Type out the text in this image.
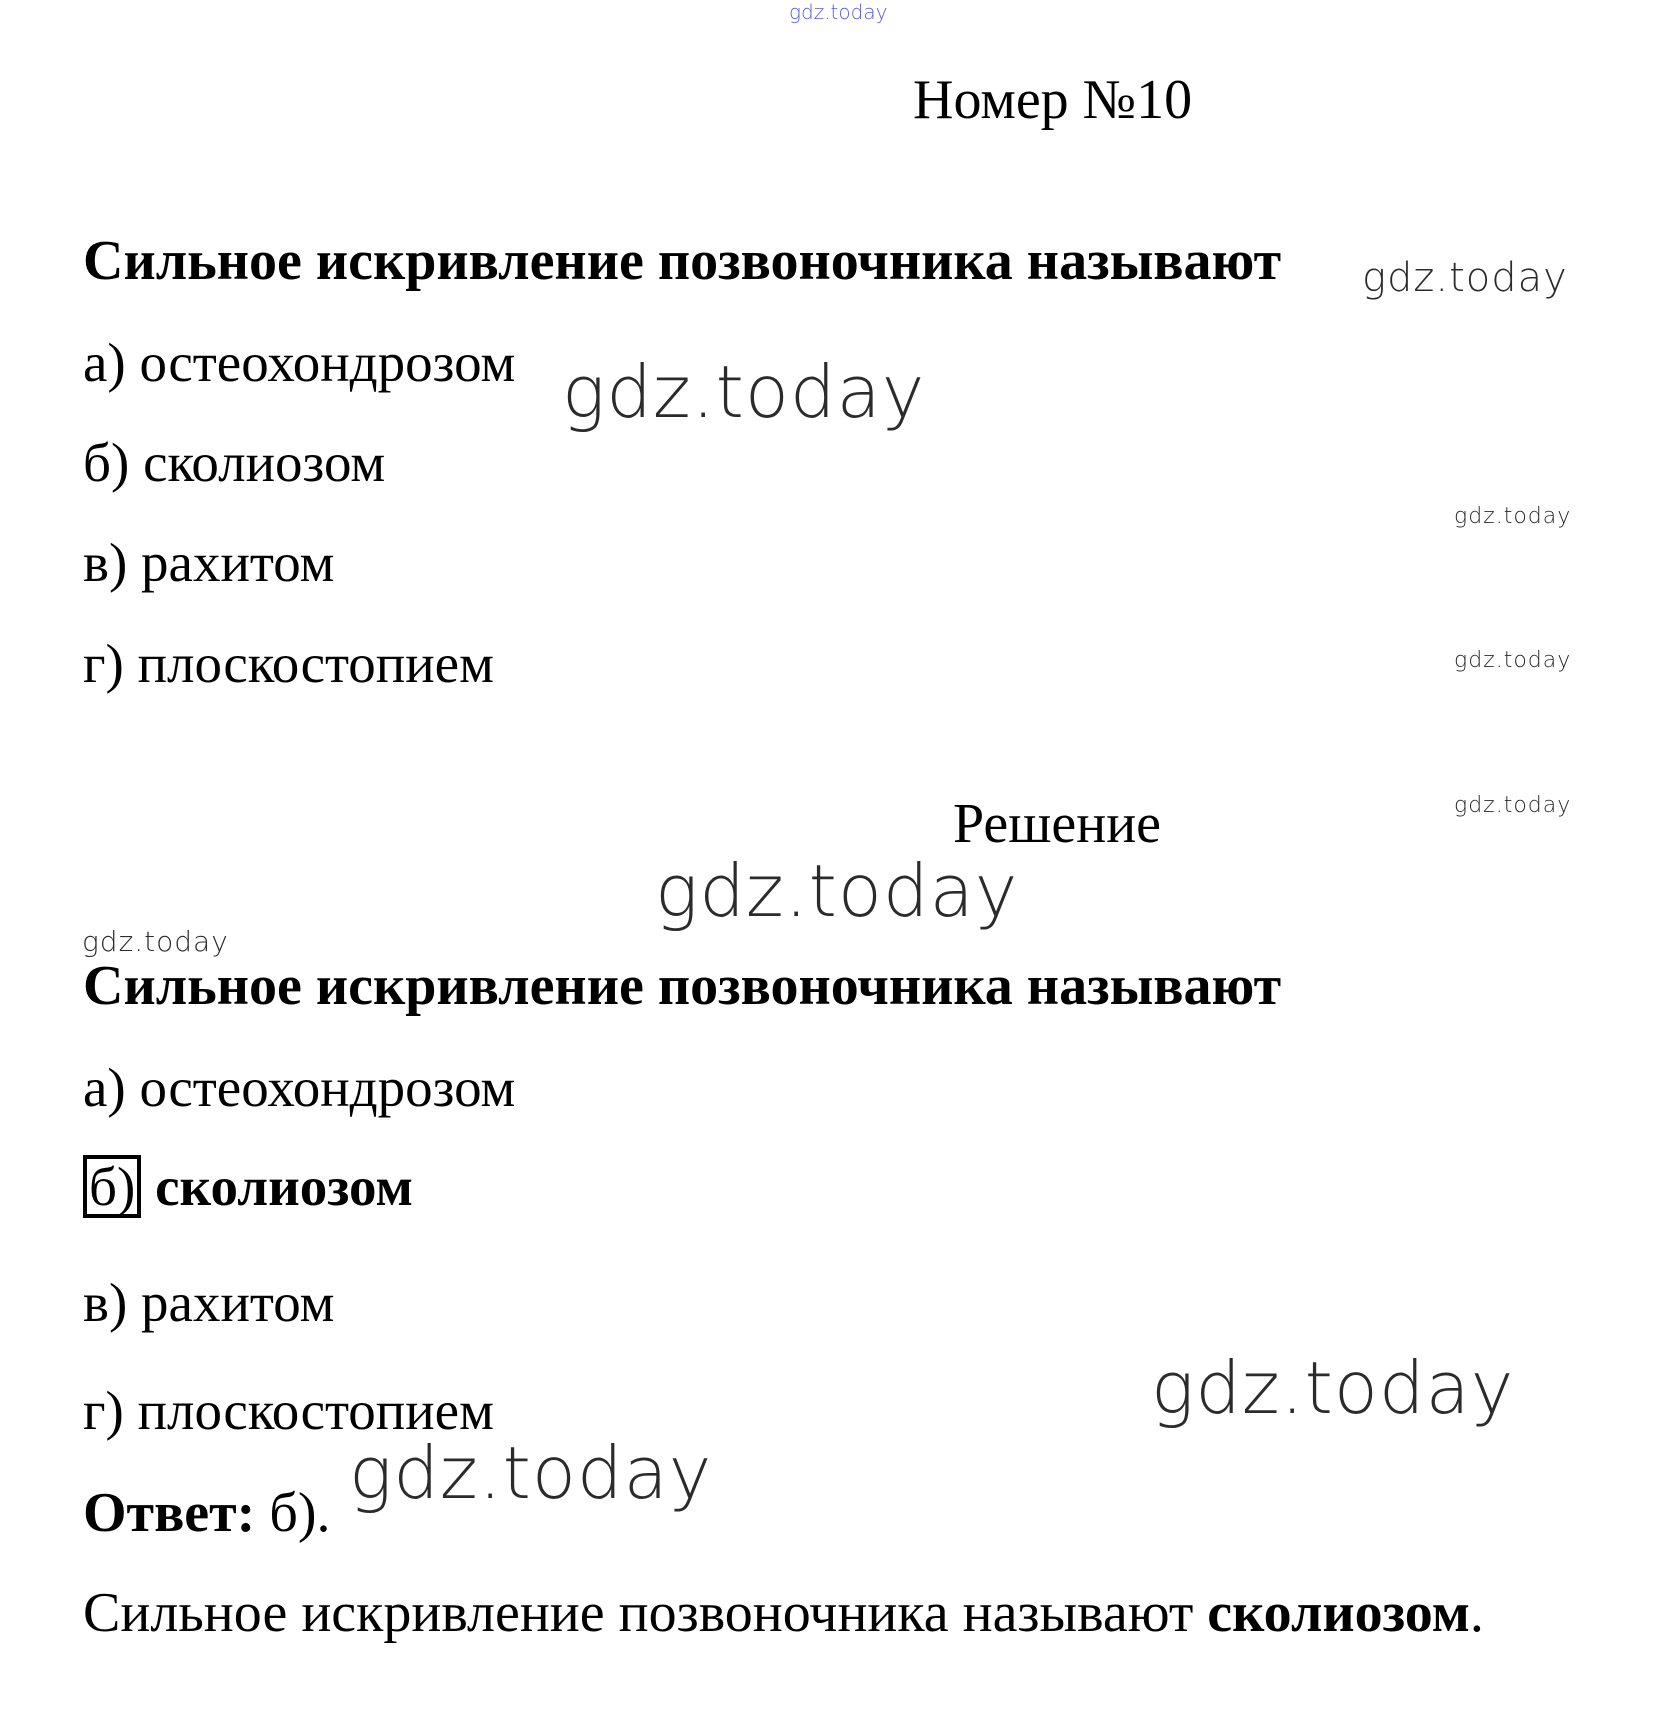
gdz.today
gdz.today
gdz.today
gdz.today
gdz.today
gdz.today
gdz.today
gdz.today
gdz.today
gdz.today
Номер №10
Сильное искривление позвоночника называют
а) остеохондрозом
б) сколиозом
в) рахитом
г) плоскостопием
Решение
Сильное искривление позвоночника называют
а) остеохондрозом
б) сколиозом
в) рахитом
г) плоскостопием
Ответ: б).
Сильное искривление позвоночника называют сколиозом.
